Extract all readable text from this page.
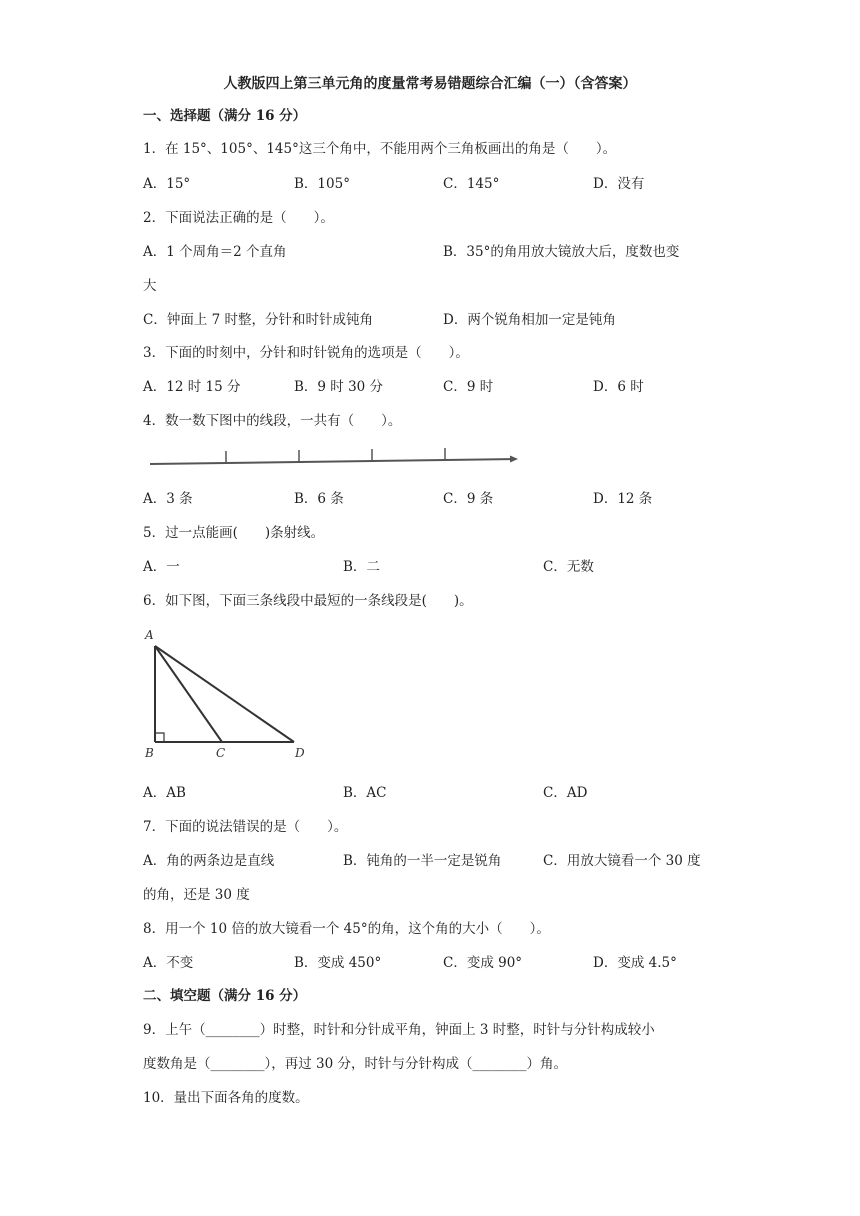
人教版四上第三单元角的度量常考易错题综合汇编（一）（含答案）
一、选择题（满分 16 分）
1．在 15°、105°、145°这三个角中，不能用两个三角板画出的角是（　　）。
A．15°	B．105°	C．145°	D．没有
2．下面说法正确的是（　　）。
A．1 个周角＝2 个直角	B．35°的角用放大镜放大后，度数也变
大
C．钟面上 7 时整，分针和时针成钝角	D．两个锐角相加一定是钝角
3．下面的时刻中，分针和时针锐角的选项是（　　）。
A．12 时 15 分	B．9 时 30 分	C．9 时	D．6 时
4．数一数下图中的线段，一共有（　　）。
A．3 条	B．6 条	C．9 条	D．12 条
5．过一点能画(　　)条射线。
A．一	B．二	C．无数
6．如下图，下面三条线段中最短的一条线段是(　　)。
A
B	C	D
A．AB	B．AC	C．AD
7．下面的说法错误的是（　　）。
A．角的两条边是直线	B．钝角的一半一定是锐角	C．用放大镜看一个 30 度
的角，还是 30 度
8．用一个 10 倍的放大镜看一个 45°的角，这个角的大小（　　）。
A．不变	B．变成 450°	C．变成 90°	D．变成 4.5°
二、填空题（满分 16 分）
9．上午（________）时整，时针和分针成平角，钟面上 3 时整，时针与分针构成较小
度数角是（________），再过 30 分，时针与分针构成（________）角。
10．量出下面各角的度数。
